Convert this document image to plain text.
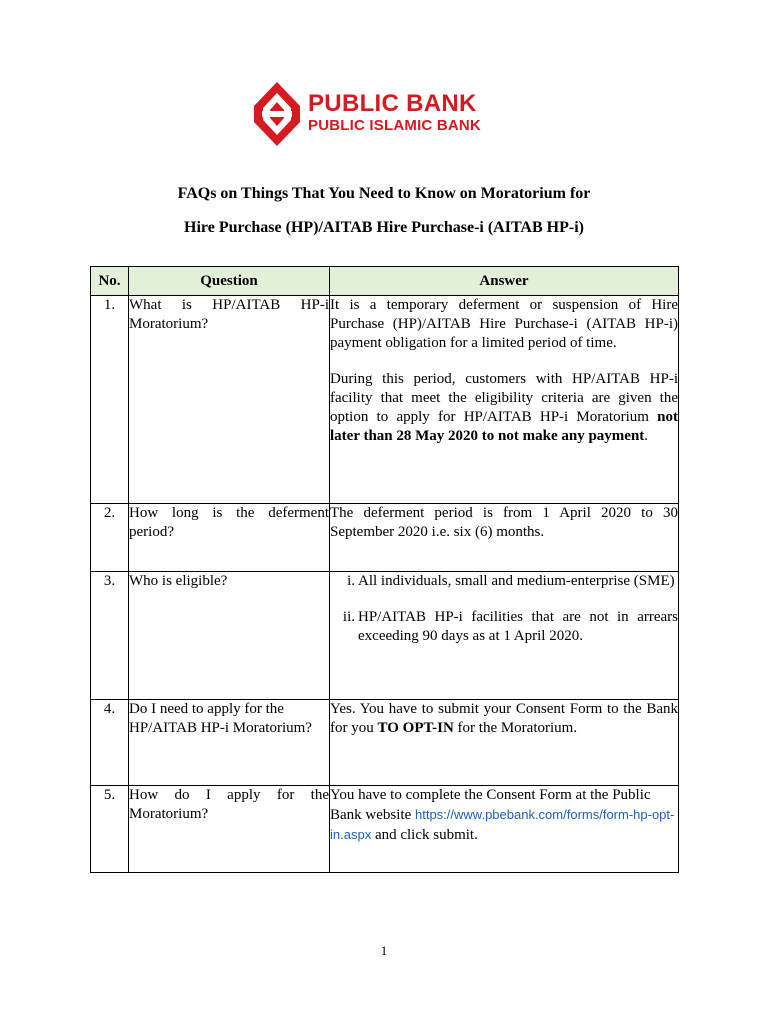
PUBLIC BANK
PUBLIC ISLAMIC BANK
FAQs on Things That You Need to Know on Moratorium for
Hire Purchase (HP)/AITAB Hire Purchase-i (AITAB HP-i)
No.	Question	Answer
1.	What is HP/AITAB HP-i Moratorium?	It is a temporary deferment or suspension of Hire Purchase (HP)/AITAB Hire Purchase-i (AITAB HP-i) payment obligation for a limited period of time.

During this period, customers with HP/AITAB HP-i facility that meet the eligibility criteria are given the option to apply for HP/AITAB HP-i Moratorium not later than 28 May 2020 to not make any payment.

2.	How long is the deferment period?	The deferment period is from 1 April 2020 to 30 September 2020 i.e. six (6) months.
3.	Who is eligible?	i. All individuals, small and medium-enterprise (SME)
ii. HP/AITAB HP-i facilities that are not in arrears exceeding 90 days as at 1 April 2020.

4.	Do I need to apply for the HP/AITAB HP-i Moratorium?	Yes. You have to submit your Consent Form to the Bank for you TO OPT-IN for the Moratorium.
5.	How do I apply for the Moratorium?	You have to complete the Consent Form at the Public Bank website https://www.pbebank.com/forms/form-hp-opt-in.aspx and click submit.
1
